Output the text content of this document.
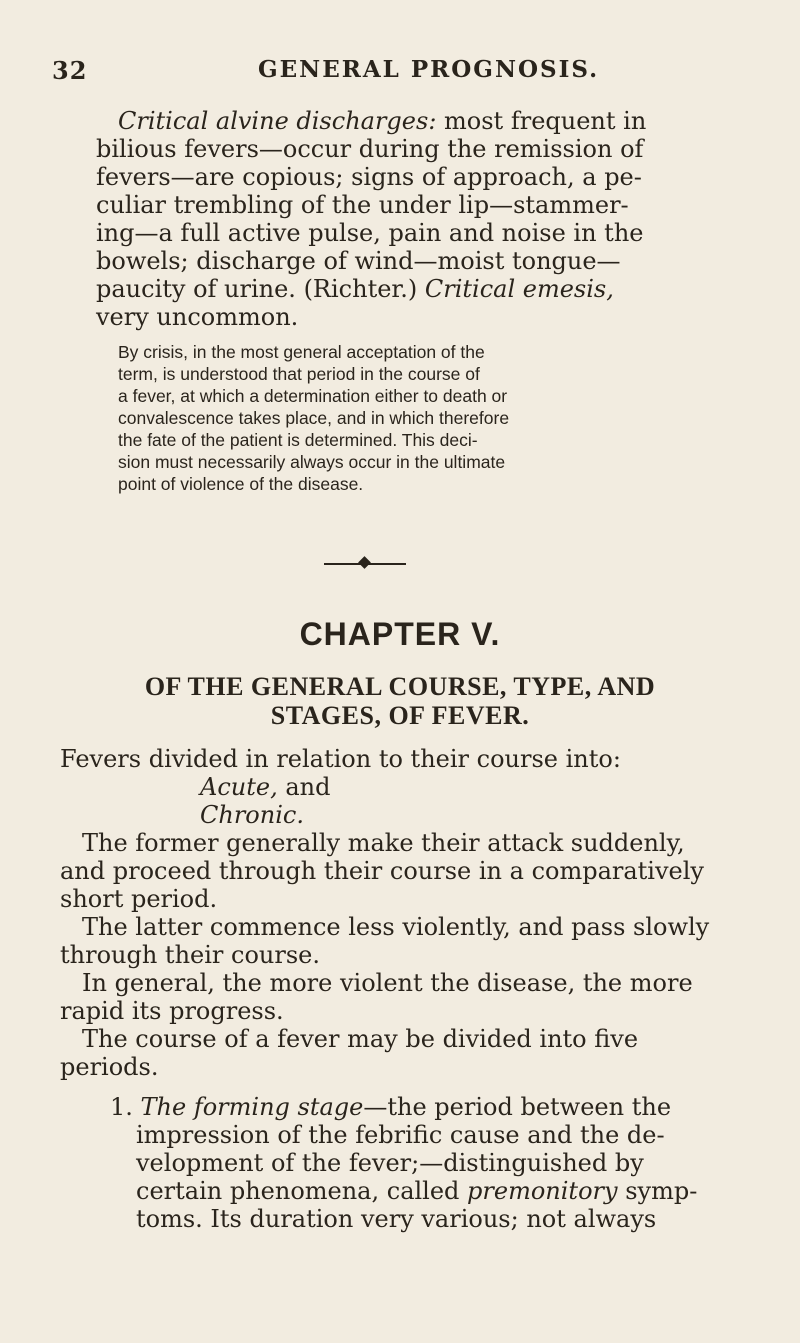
32	GENERAL PROGNOSIS.
Critical alvine discharges: most frequent in
bilious fevers—occur during the remission of
fevers—are copious; signs of approach, a pe-
culiar trembling of the under lip—stammer-
ing—a full active pulse, pain and noise in the
bowels; discharge of wind—moist tongue—
paucity of urine. (Richter.) Critical emesis,
very uncommon.
By crisis, in the most general acceptation of the
term, is understood that period in the course of
a fever, at which a determination either to death or
convalescence takes place, and in which therefore
the fate of the patient is determined. This deci-
sion must necessarily always occur in the ultimate
point of violence of the disease.
CHAPTER V.
OF THE GENERAL COURSE, TYPE, AND
STAGES, OF FEVER.
Fevers divided in relation to their course into:
Acute, and
Chronic.
The former generally make their attack suddenly,
and proceed through their course in a comparatively
short period.
The latter commence less violently, and pass slowly
through their course.
In general, the more violent the disease, the more
rapid its progress.
The course of a fever may be divided into five
periods.
1. The forming stage—the period between the
impression of the febrific cause and the de-
velopment of the fever;—distinguished by
certain phenomena, called premonitory symp-
toms. Its duration very various; not always
